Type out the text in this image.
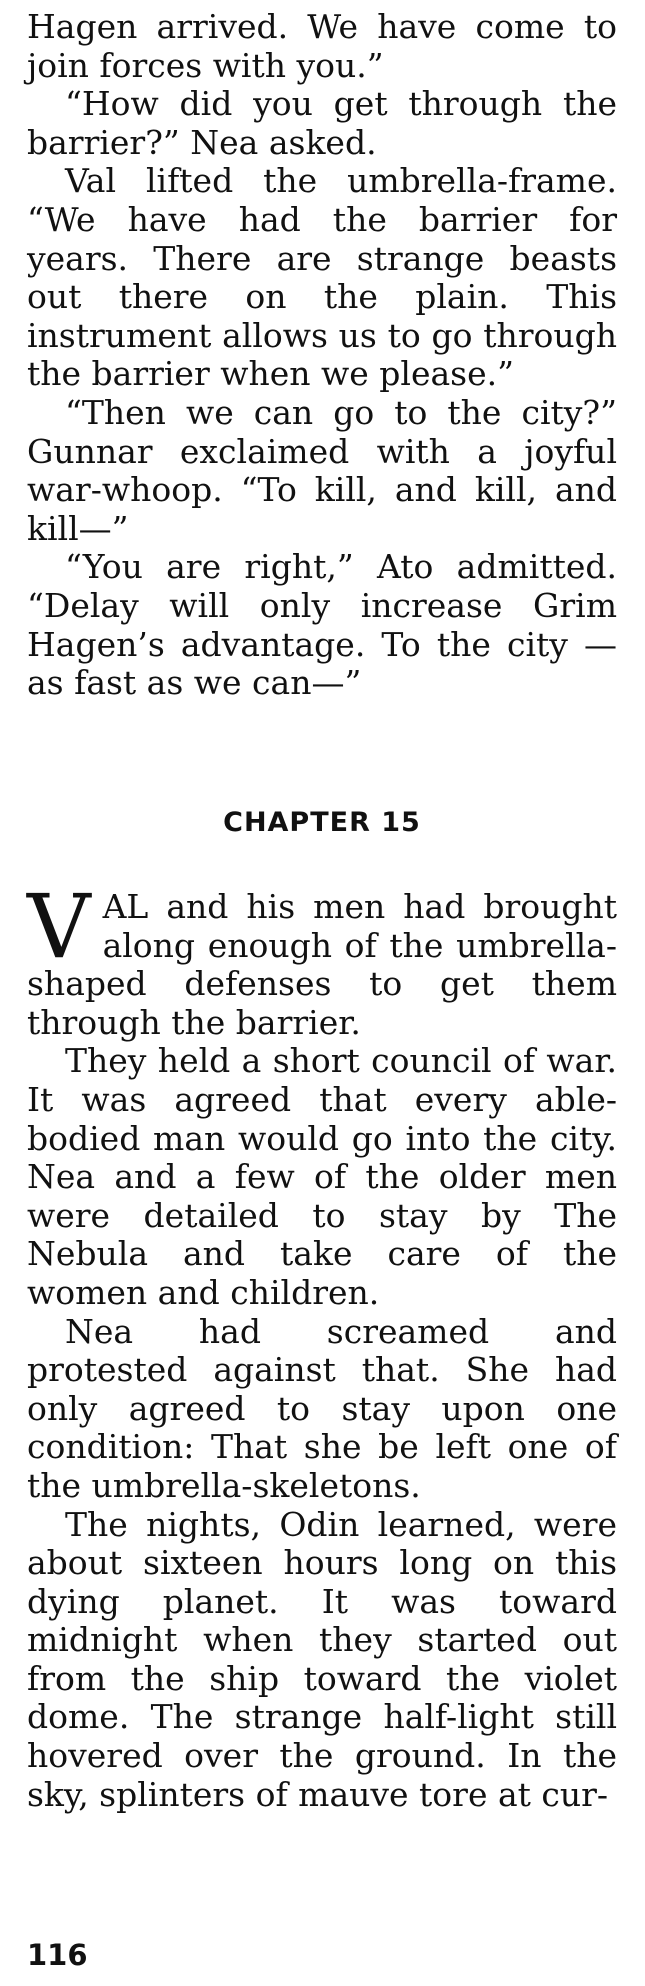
Hagen arrived. We have come to join forces with you.”

“How did you get through the barrier?” Nea asked.

Val lifted the umbrella-frame. “We have had the barrier for years. There are strange beasts out there on the plain. This instrument allows us to go through the barrier when we please.”

“Then we can go to the city?” Gunnar exclaimed with a joyful war-whoop. “To kill, and kill, and kill—”

“You are right,” Ato admitted. “Delay will only increase Grim Hagen’s advantage. To the city —as fast as we can—”

CHAPTER 15

VAL and his men had brought along enough of the umbrella-shaped defenses to get them through the barrier.

They held a short council of war. It was agreed that every able-bodied man would go into the city. Nea and a few of the older men were detailed to stay by The Nebula and take care of the women and children.

Nea had screamed and protested against that. She had only agreed to stay upon one condition: That she be left one of the umbrella-skeletons.

The nights, Odin learned, were about sixteen hours long on this dying planet. It was toward midnight when they started out from the ship toward the violet dome. The strange half-light still hovered over the ground. In the sky, splinters of mauve tore at cur-

116
